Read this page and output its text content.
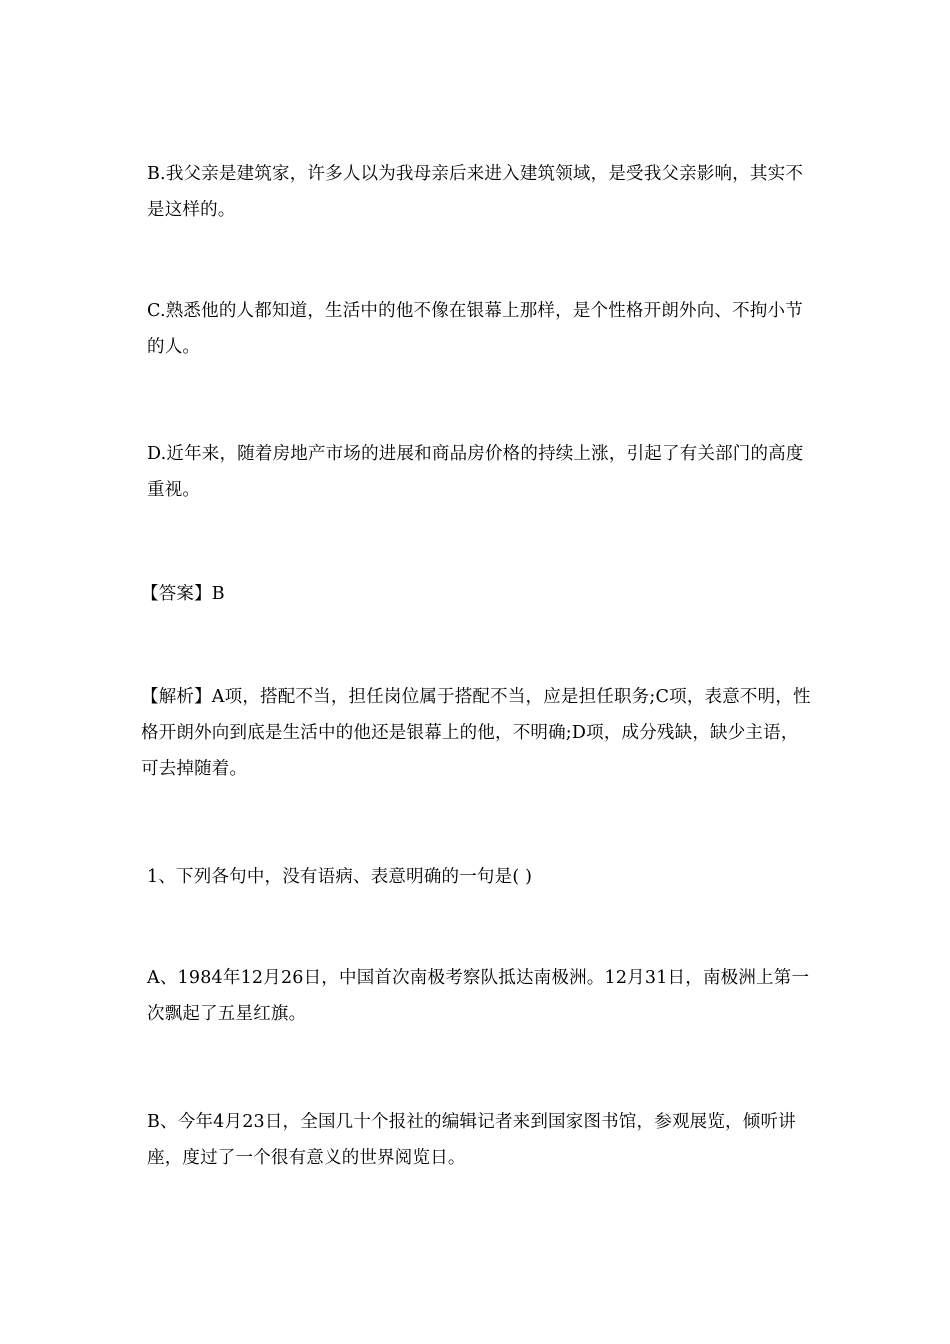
B.我父亲是建筑家，许多人以为我母亲后来进入建筑领域，是受我父亲影响，其实不是这样的。
C.熟悉他的人都知道，生活中的他不像在银幕上那样，是个性格开朗外向、不拘小节的人。
D.近年来，随着房地产市场的进展和商品房价格的持续上涨，引起了有关部门的高度重视。
【答案】B
【解析】A项，搭配不当，担任岗位属于搭配不当，应是担任职务;C项，表意不明，性格开朗外向到底是生活中的他还是银幕上的他，不明确;D项，成分残缺，缺少主语，可去掉随着。
1、下列各句中，没有语病、表意明确的一句是( )
A、1984年12月26日，中国首次南极考察队抵达南极洲。12月31日，南极洲上第一次飘起了五星红旗。
B、今年4月23日，全国几十个报社的编辑记者来到国家图书馆，参观展览，倾听讲座，度过了一个很有意义的世界阅览日。
